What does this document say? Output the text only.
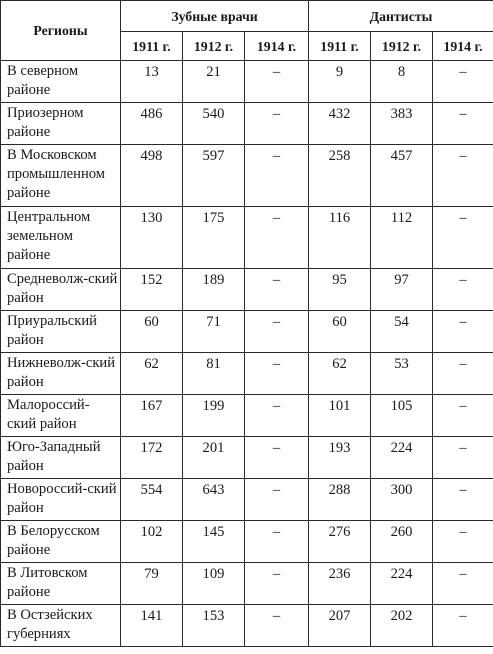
Регионы	Зубные врачи			Дантисты		
	1911 г.	1912 г.	1914 г.	1911 г.	1912 г.	1914 г.
В северном районе	13	21	–	9	8	–
Приозерном районе	486	540	–	432	383	–
В Московском промышленном районе	498	597	–	258	457	–
Центральном земельном районе	130	175	–	116	112	–
Средневолж-ский район	152	189	–	95	97	–
Приуральский район	60	71	–	60	54	–
Нижневолж-ский район	62	81	–	62	53	–
Малороссий-ский район	167	199	–	101	105	–
Юго-Западный район	172	201	–	193	224	–
Новороссий-ский район	554	643	–	288	300	–
В Белорусском районе	102	145	–	276	260	–
В Литовском районе	79	109	–	236	224	–
В Остзейских губерниях	141	153	–	207	202	–
